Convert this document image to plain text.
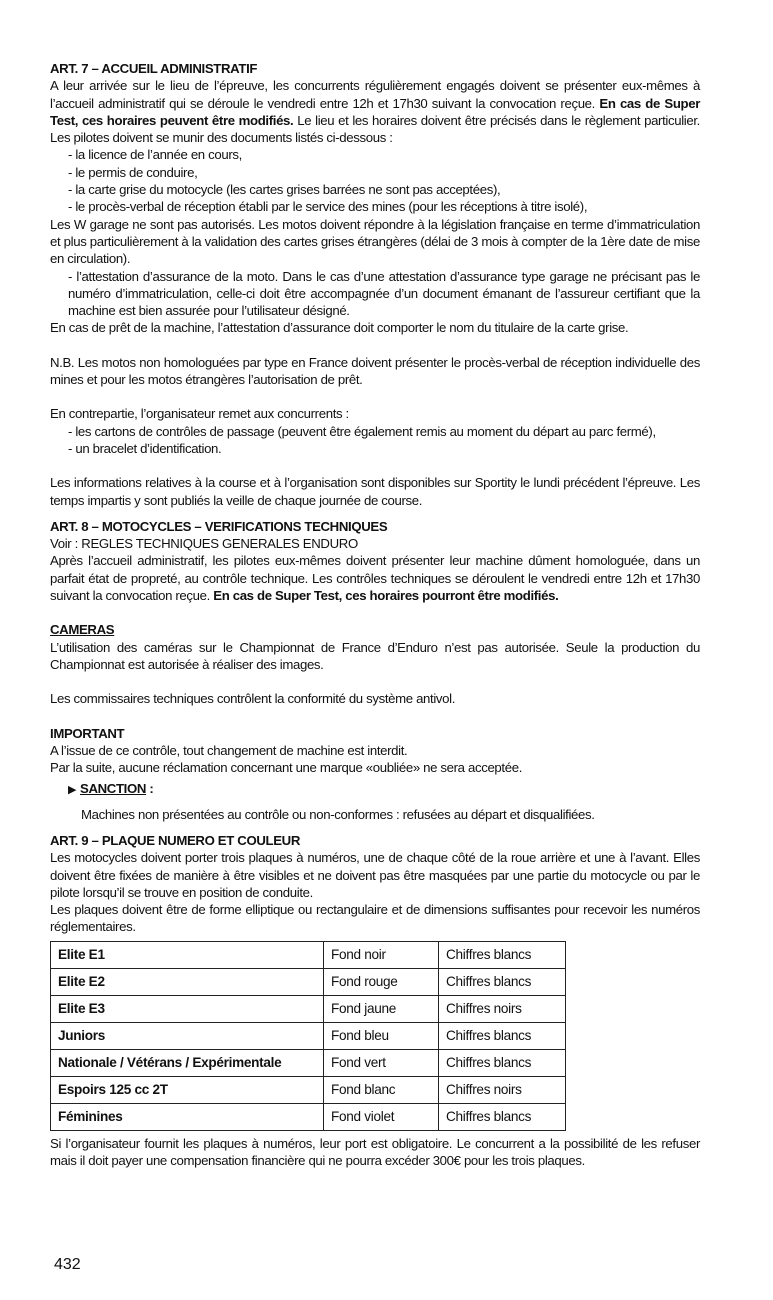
ART. 7 – ACCUEIL ADMINISTRATIF

A leur arrivée sur le lieu de l’épreuve, les concurrents régulièrement engagés doivent se présenter eux-mêmes à l’accueil administratif qui se déroule le vendredi entre 12h et 17h30 suivant la convocation reçue. En cas de Super Test, ces horaires peuvent être modifiés. Le lieu et les horaires doivent être précisés dans le règlement particulier. Les pilotes doivent se munir des documents listés ci-dessous :

- la licence de l’année en cours,

- le permis de conduire,

- la carte grise du motocycle (les cartes grises barrées ne sont pas acceptées),

- le procès-verbal de réception établi par le service des mines (pour les réceptions à titre isolé),

Les W garage ne sont pas autorisés. Les motos doivent répondre à la législation française en terme d’immatriculation et plus particulièrement à la validation des cartes grises étrangères (délai de 3 mois à compter de la 1ère date de mise en circulation).

- l’attestation d’assurance de la moto. Dans le cas d’une attestation d’assurance type garage ne précisant pas le numéro d’immatriculation, celle-ci doit être accompagnée d’un document émanant de l’assureur certifiant que la machine est bien assurée pour l’utilisateur désigné.

En cas de prêt de la machine, l’attestation d’assurance doit comporter le nom du titulaire de la carte grise.

N.B. Les motos non homologuées par type en France doivent présenter le procès-verbal de réception individuelle des mines et pour les motos étrangères l’autorisation de prêt.

En contrepartie, l’organisateur remet aux concurrents :

- les cartons de contrôles de passage (peuvent être également remis au moment du départ au parc fermé),

- un bracelet d’identification.

Les informations relatives à la course et à l’organisation sont disponibles sur Sportity le lundi précédent l’épreuve. Les temps impartis y sont publiés la veille de chaque journée de course.

ART. 8 – MOTOCYCLES – VERIFICATIONS TECHNIQUES

Voir : REGLES TECHNIQUES GENERALES ENDURO

Après l’accueil administratif, les pilotes eux-mêmes doivent présenter leur machine dûment homologuée, dans un parfait état de propreté, au contrôle technique. Les contrôles techniques se déroulent le vendredi entre 12h et 17h30 suivant la convocation reçue. En cas de Super Test, ces horaires pourront être modifiés.

CAMERAS

L’utilisation des caméras sur le Championnat de France d’Enduro n’est pas autorisée. Seule la production du Championnat est autorisée à réaliser des images.

Les commissaires techniques contrôlent la conformité du système antivol.

IMPORTANT

A l’issue de ce contrôle, tout changement de machine est interdit.

Par la suite, aucune réclamation concernant une marque «oubliée» ne sera acceptée.

▶ SANCTION :

Machines non présentées au contrôle ou non-conformes : refusées au départ et disqualifiées.

ART. 9 – PLAQUE NUMERO ET COULEUR

Les motocycles doivent porter trois plaques à numéros, une de chaque côté de la roue arrière et une à l’avant. Elles doivent être fixées de manière à être visibles et ne doivent pas être masquées par une partie du motocycle ou par le pilote lorsqu’il se trouve en position de conduite.

Les plaques doivent être de forme elliptique ou rectangulaire et de dimensions suffisantes pour recevoir les numéros réglementaires.

Elite E1	Fond noir	Chiffres blancs
Elite E2	Fond rouge	Chiffres blancs
Elite E3	Fond jaune	Chiffres noirs
Juniors	Fond bleu	Chiffres blancs
Nationale / Vétérans / Expérimentale	Fond vert	Chiffres blancs
Espoirs 125 cc 2T	Fond blanc	Chiffres noirs
Féminines	Fond violet	Chiffres blancs

Si l’organisateur fournit les plaques à numéros, leur port est obligatoire. Le concurrent a la possibilité de les refuser mais il doit payer une compensation financière qui ne pourra excéder 300€ pour les trois plaques.

432
